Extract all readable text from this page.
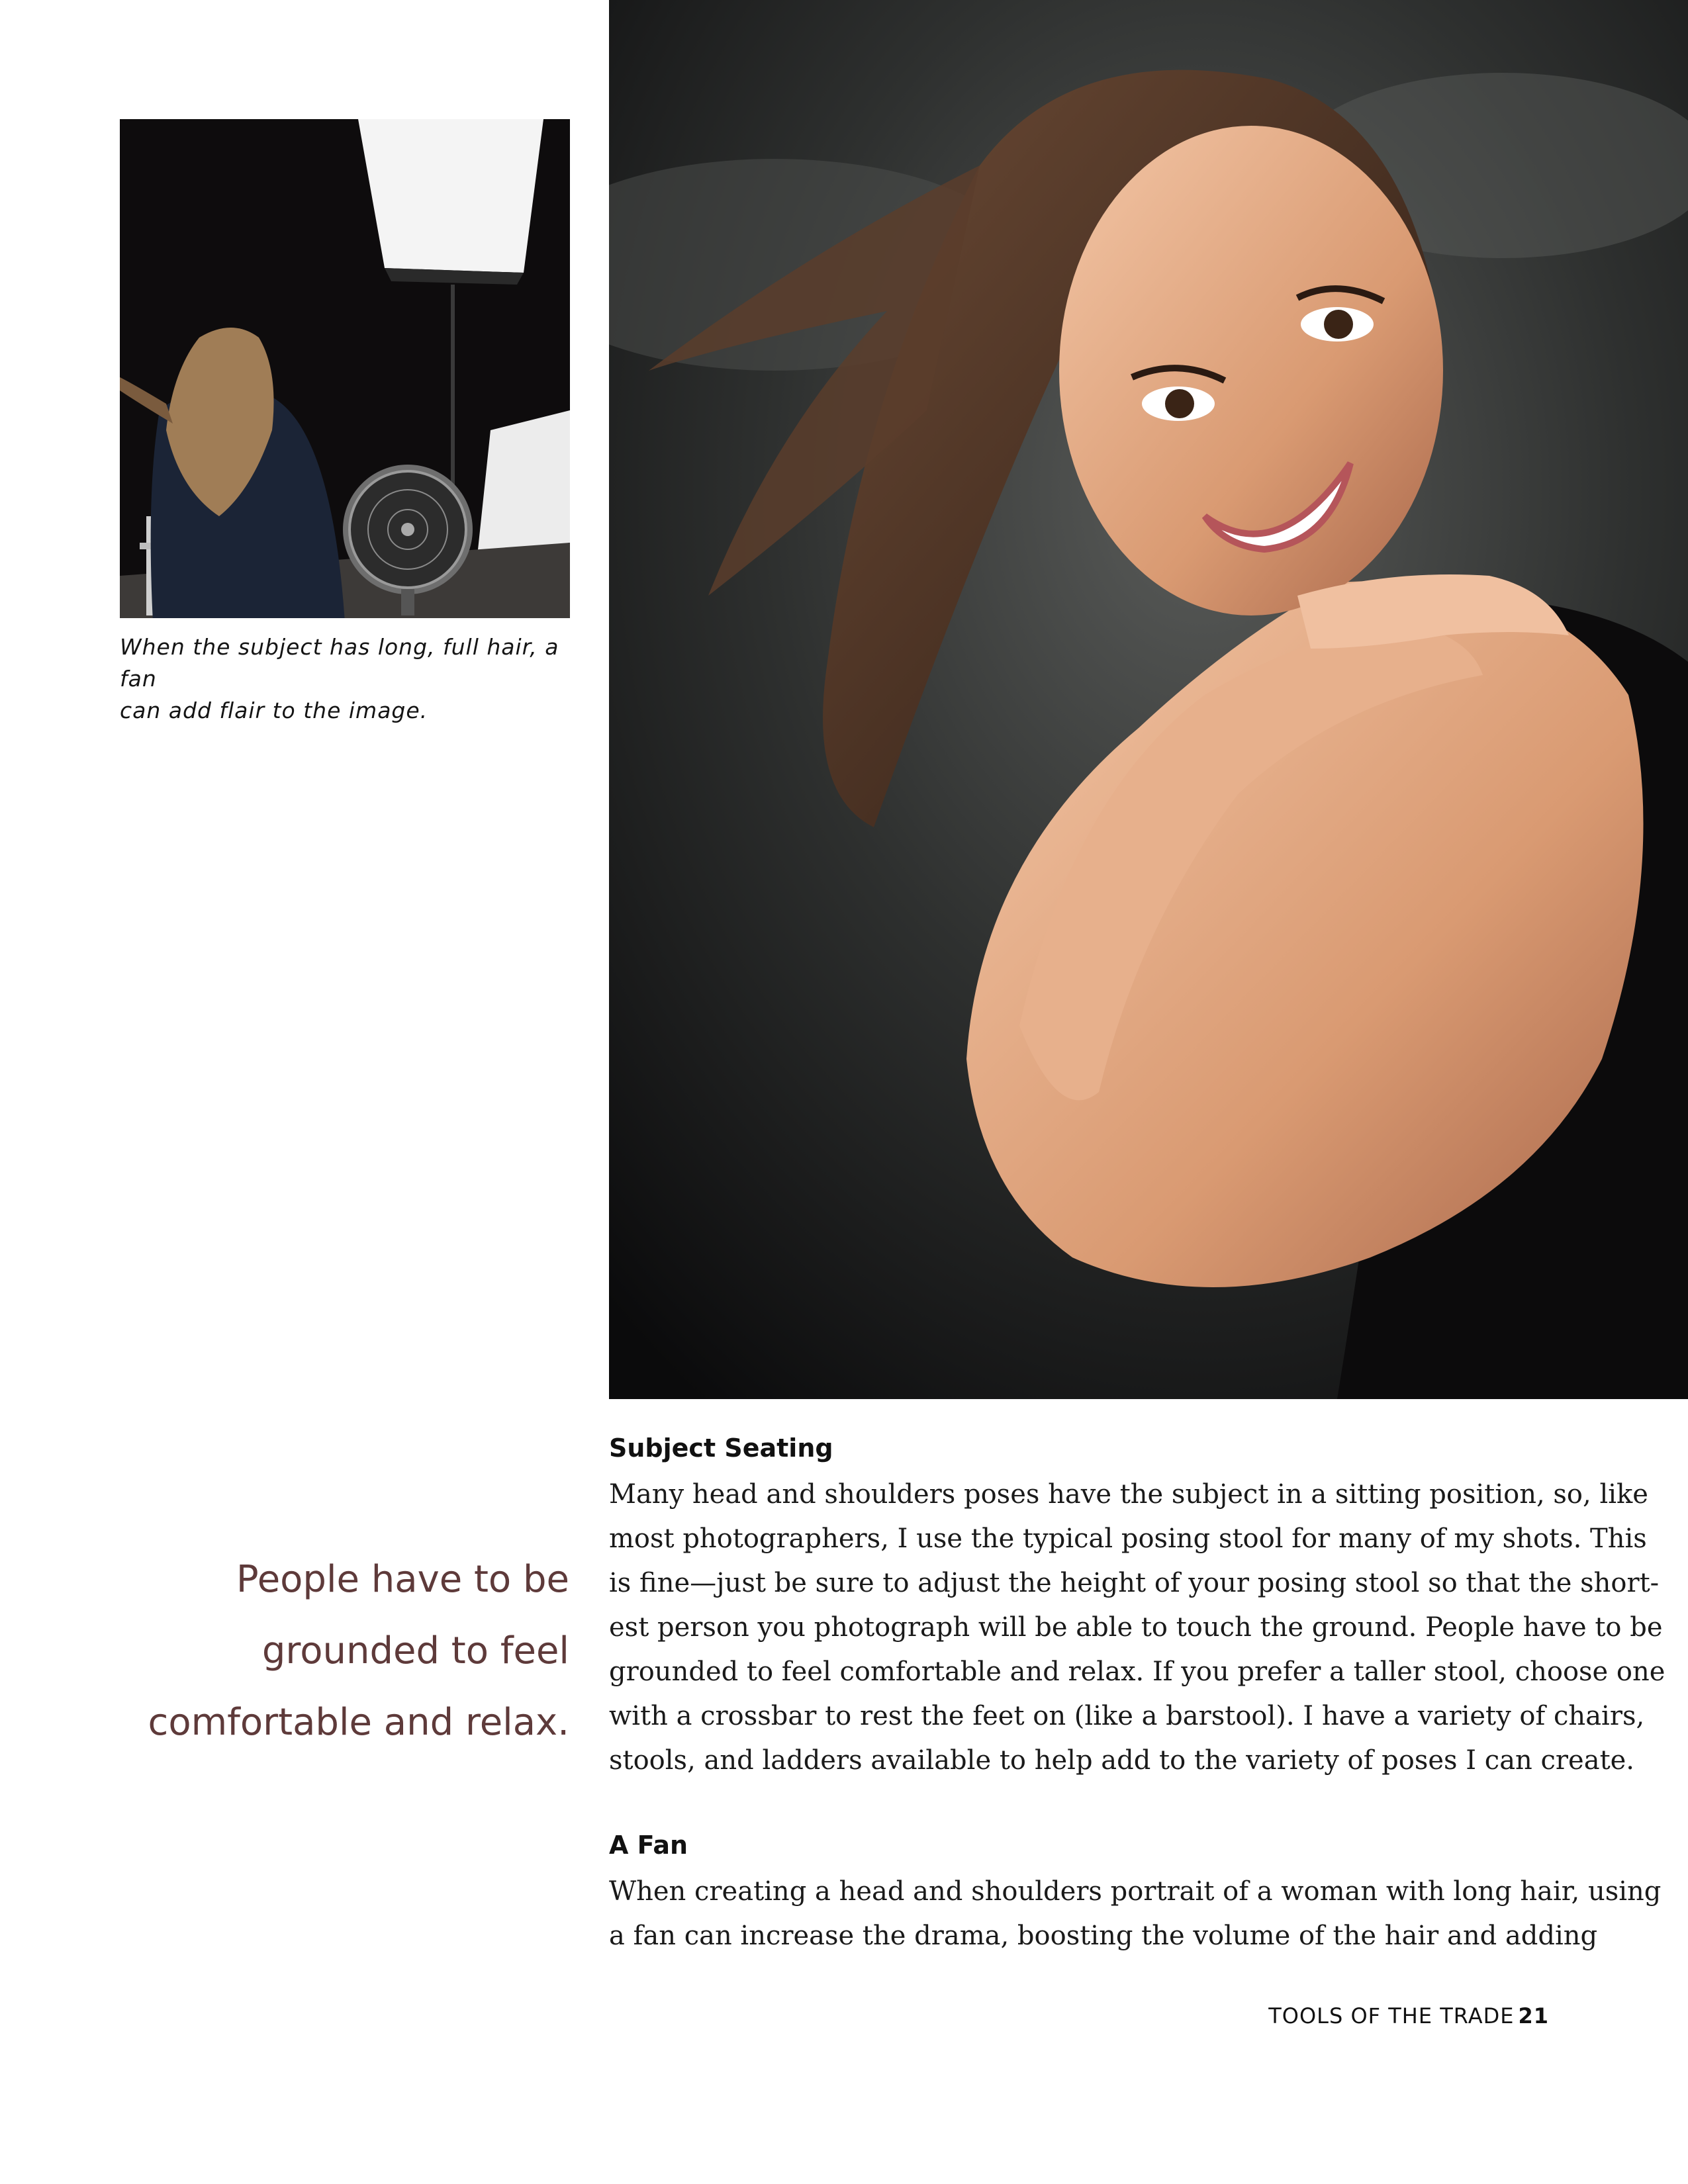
When the subject has long, full hair, a fan
can add flair to the image.
People have to be
grounded to feel
comfortable and relax.
Subject Seating
Many head and shoulders poses have the subject in a sitting position, so, like
most photographers, I use the typical posing stool for many of my shots. This
is fine—just be sure to adjust the height of your posing stool so that the short-
est person you photograph will be able to touch the ground. People have to be
grounded to feel comfortable and relax. If you prefer a taller stool, choose one
with a crossbar to rest the feet on (like a barstool). I have a variety of chairs,
stools, and ladders available to help add to the variety of poses I can create.
A Fan
When creating a head and shoulders portrait of a woman with long hair, using
a fan can increase the drama, boosting the volume of the hair and adding
TOOLS OF THE TRADE 21
